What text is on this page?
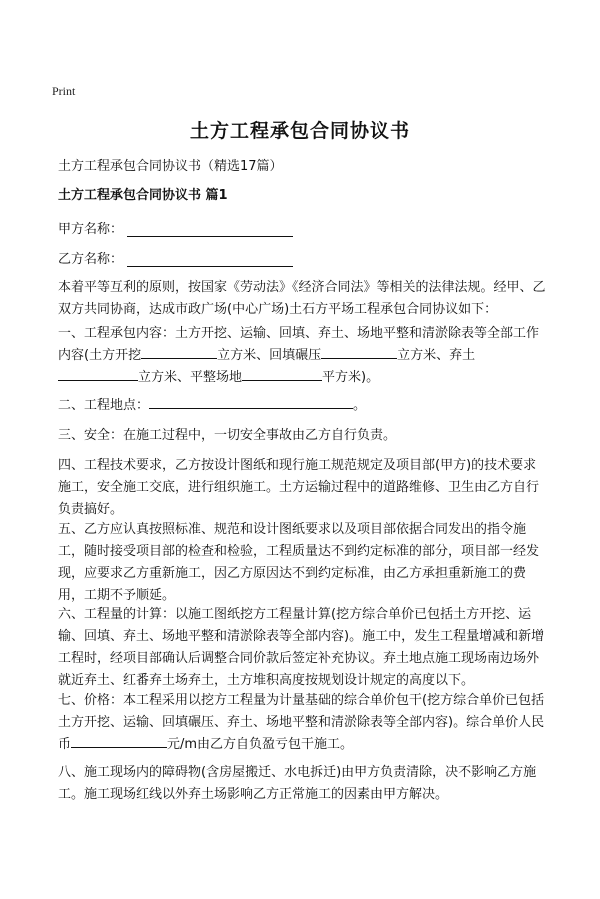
Print
土方工程承包合同协议书
土方工程承包合同协议书（精选17篇）
土方工程承包合同协议书 篇1
甲方名称：
乙方名称：

本着平等互利的原则，按国家《劳动法》《经济合同法》等相关的法律法规。经甲、乙双方共同协商，达成市政广场(中心广场)土石方平场工程承包合同协议如下：

一、工程承包内容：土方开挖、运输、回填、弃土、场地平整和清淤除表等全部工作内容(土方开挖	立方米、回填碾压	立方米、弃土立方米、平整场地	平方米)。

二、工程地点：	。

三、安全：在施工过程中，一切安全事故由乙方自行负责。

四、工程技术要求，乙方按设计图纸和现行施工规范规定及项目部(甲方)的技术要求施工，安全施工交底，进行组织施工。土方运输过程中的道路维修、卫生由乙方自行负责搞好。

五、乙方应认真按照标准、规范和设计图纸要求以及项目部依据合同发出的指令施工，随时接受项目部的检查和检验，工程质量达不到约定标准的部分，项目部一经发现，应要求乙方重新施工，因乙方原因达不到约定标准，由乙方承担重新施工的费用，工期不予顺延。

六、工程量的计算：以施工图纸挖方工程量计算(挖方综合单价已包括土方开挖、运输、回填、弃土、场地平整和清淤除表等全部内容)。施工中，发生工程量增减和新增工程时，经项目部确认后调整合同价款后签定补充协议。弃土地点施工现场南边场外就近弃土、红番弃土场弃土，土方堆积高度按规划设计规定的高度以下。

七、价格：本工程采用以挖方工程量为计量基础的综合单价包干(挖方综合单价已包括土方开挖、运输、回填碾压、弃土、场地平整和清淤除表等全部内容)。综合单价人民币	元/m由乙方自负盈亏包干施工。

八、施工现场内的障碍物(含房屋搬迁、水电拆迁)由甲方负责清除，决不影响乙方施工。施工现场红线以外弃土场影响乙方正常施工的因素由甲方解决。
